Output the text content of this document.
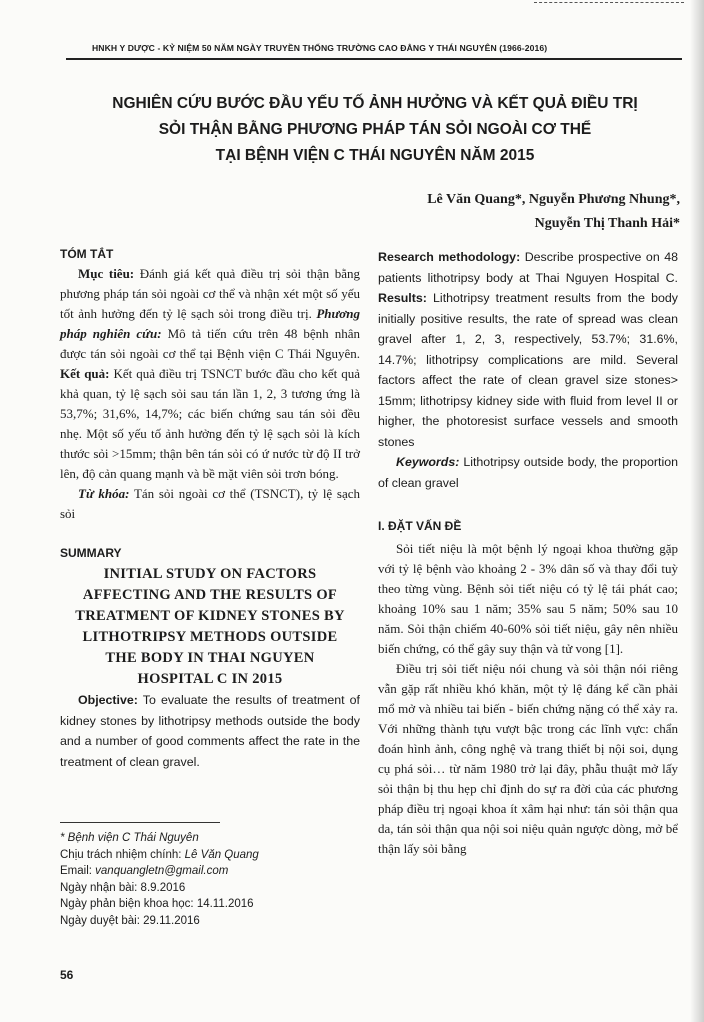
HNKH Y DƯỢC - KỶ NIỆM 50 NĂM NGÀY TRUYỀN THỐNG TRƯỜNG CAO ĐẲNG Y THÁI NGUYÊN (1966-2016)
NGHIÊN CỨU BƯỚC ĐẦU YẾU TỐ ẢNH HƯỞNG VÀ KẾT QUẢ ĐIỀU TRỊ
SỎI THẬN BẰNG PHƯƠNG PHÁP TÁN SỎI NGOÀI CƠ THỂ
TẠI BỆNH VIỆN C THÁI NGUYÊN NĂM 2015
Lê Văn Quang*, Nguyễn Phương Nhung*,
Nguyễn Thị Thanh Hải*
TÓM TẮT

Mục tiêu: Đánh giá kết quả điều trị sỏi thận bằng phương pháp tán sỏi ngoài cơ thể và nhận xét một số yếu tốt ảnh hưởng đến tỷ lệ sạch sỏi trong điều trị. Phương pháp nghiên cứu: Mô tả tiến cứu trên 48 bệnh nhân được tán sỏi ngoài cơ thể tại Bệnh viện C Thái Nguyên. Kết quả: Kết quả điều trị TSNCT bước đầu cho kết quả khả quan, tỷ lệ sạch sỏi sau tán lần 1, 2, 3 tương ứng là 53,7%; 31,6%, 14,7%; các biến chứng sau tán sỏi đều nhẹ. Một số yếu tố ảnh hưởng đến tỷ lệ sạch sỏi là kích thước sỏi >15mm; thận bên tán sỏi có ứ nước từ độ II trở lên, độ cản quang mạnh và bề mặt viên sỏi trơn bóng.

Từ khóa: Tán sỏi ngoài cơ thể (TSNCT), tỷ lệ sạch sỏi

SUMMARY
INITIAL STUDY ON FACTORS
AFFECTING AND THE RESULTS OF
TREATMENT OF KIDNEY STONES BY
LITHOTRIPSY METHODS OUTSIDE
THE BODY IN THAI NGUYEN
HOSPITAL C IN 2015

Objective: To evaluate the results of treatment of kidney stones by lithotripsy methods outside the body and a number of good comments affect the rate in the treatment of clean gravel.

* Bệnh viện C Thái Nguyên
Chịu trách nhiệm chính: Lê Văn Quang
Email: vanquangletn@gmail.com
Ngày nhận bài: 8.9.2016
Ngày phản biện khoa học: 14.11.2016
Ngày duyệt bài: 29.11.2016

Research methodology: Describe prospective on 48 patients lithotripsy body at Thai Nguyen Hospital C. Results: Lithotripsy treatment results from the body initially positive results, the rate of spread was clean gravel after 1, 2, 3, respectively, 53.7%; 31.6%, 14.7%; lithotripsy complications are mild. Several factors affect the rate of clean gravel size stones> 15mm; lithotripsy kidney side with fluid from level II or higher, the photoresist surface vessels and smooth stones

Keywords: Lithotripsy outside body, the proportion of clean gravel

I. ĐẶT VẤN ĐỀ

Sỏi tiết niệu là một bệnh lý ngoại khoa thường gặp với tỷ lệ bệnh vào khoảng 2 - 3% dân số và thay đổi tuỳ theo từng vùng. Bệnh sỏi tiết niệu có tỷ lệ tái phát cao; khoảng 10% sau 1 năm; 35% sau 5 năm; 50% sau 10 năm. Sỏi thận chiếm 40-60% sỏi tiết niệu, gây nên nhiều biến chứng, có thể gây suy thận và tử vong [1].

Điều trị sỏi tiết niệu nói chung và sỏi thận nói riêng vẫn gặp rất nhiều khó khăn, một tỷ lệ đáng kể cần phải mổ mở và nhiều tai biến - biến chứng nặng có thể xảy ra. Với những thành tựu vượt bậc trong các lĩnh vực: chẩn đoán hình ảnh, công nghệ và trang thiết bị nội soi, dụng cụ phá sỏi… từ năm 1980 trở lại đây, phẫu thuật mở lấy sỏi thận bị thu hẹp chỉ định do sự ra đời của các phương pháp điều trị ngoại khoa ít xâm hại như: tán sỏi thận qua da, tán sỏi thận qua nội soi niệu quản ngược dòng, mở bể thận lấy sỏi bằng

56
